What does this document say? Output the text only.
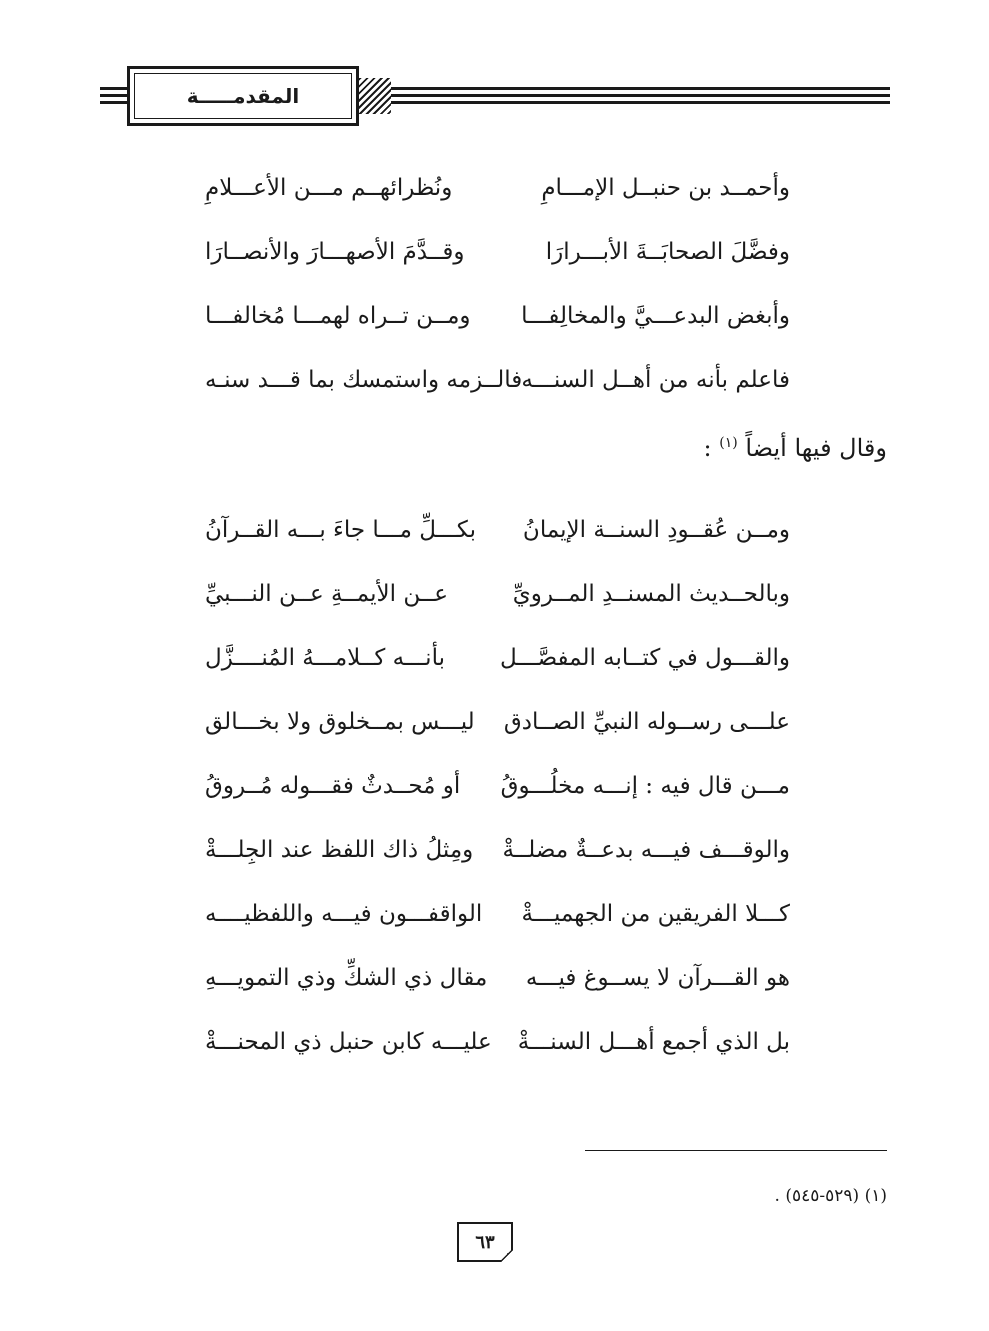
المقدمـــــة
وأحمــد بن حنبــل الإمـــامِ
ونُظرائهــم مـــن الأعـــلامِ
وفضَّلَ الصحابَــةَ الأبـــرارَا
وقــدَّمَ الأصهـــارَ والأنصــارَا
وأبغض البدعـــيَّ والمخالِفـــا
ومــن تــراه لهمـــا مُخالفـــا
فاعلم بأنه من أهــل السنـــه
فالــزمه واستمسك بما قـــد سنـه
وقال فيها أيضاً $^{(١)}$ :
ومــن عُقــودِ السنــة الإيمانُ
بكـــلِّ مـــا جاءَ بـــه القــرآنُ
وبالحــديث المسنــدِ المــرويِّ
عــن الأيمــةِ عــن النـــبيِّ
والقـــول في كتــابه المفصَّـــل
بأنـــه كــلامـــهُ المُنــــزَّل
علـــى رســوله النبيِّ الصــادق
ليـــس بمــخلوق ولا بخـــالق
مـــن قال فيه : إنـــه مخلُـــوقُ
أو مُحــدثٌ فقـــوله مُــروقُ
والوقـــف فيـــه بدعــةٌ مضلــةْ
ومِثلُ ذاك اللفظ عند الجِلـــةْ
كـــلا الفريقين من الجهميـــةْ
الواقفـــون فيـــه واللفظيــــه
هو القـــرآن لا يســوغ فيـــه
مقال ذي الشكِّ وذي التمويـــهِ
بل الذي أجمع أهـــل السنـــةْ
عليـــه كابن حنبل ذي المحنـــةْ
(١) (٥٢٩-٥٤٥) .
٦٣
